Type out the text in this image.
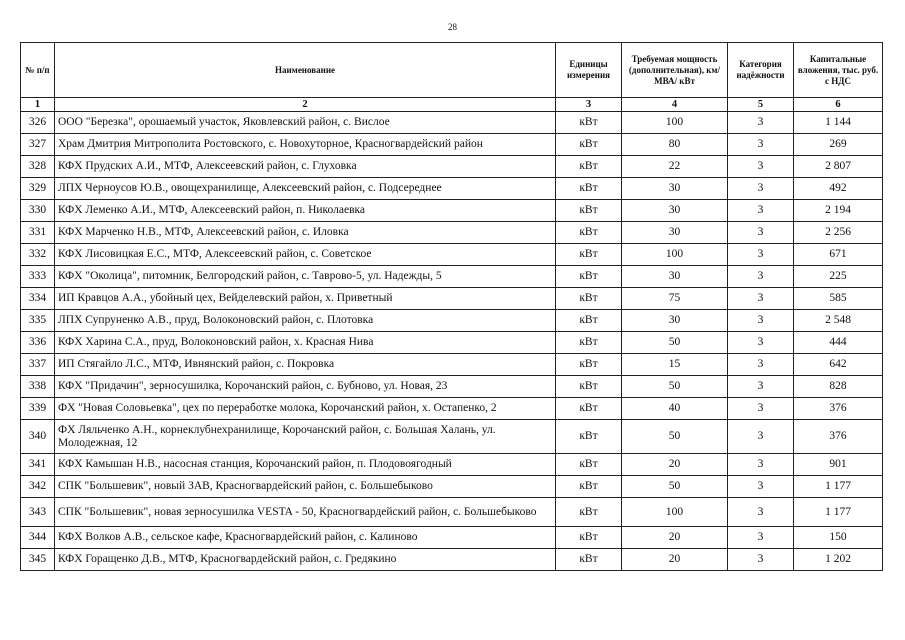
28
№ п/п	Наименование	Единицы измерения	Требуемая мощность (дополнительная), км/ МВА/ кВт	Категория надёжности	Капитальные вложения, тыс. руб. с НДС
1	2	3	4	5	6
326	ООО "Березка", орошаемый участок, Яковлевский район, с. Вислое	кВт	100	3	1 144
327	Храм Дмитрия Митрополита Ростовского, с. Новохуторное, Красногвардейский район	кВт	80	3	269
328	КФХ Прудских А.И., МТФ, Алексеевский район, с. Глуховка	кВт	22	3	2 807
329	ЛПХ Черноусов Ю.В., овощехранилище, Алексеевский район, с. Подсереднее	кВт	30	3	492
330	КФХ Леменко А.И., МТФ, Алексеевский район, п. Николаевка	кВт	30	3	2 194
331	КФХ Марченко Н.В., МТФ, Алексеевский район, с. Иловка	кВт	30	3	2 256
332	КФХ Лисовицкая Е.С., МТФ, Алексеевский район, с. Советское	кВт	100	3	671
333	КФХ "Околица", питомник, Белгородский район, с. Таврово-5, ул. Надежды, 5	кВт	30	3	225
334	ИП Кравцов А.А., убойный цех, Вейделевский район, х. Приветный	кВт	75	3	585
335	ЛПХ Супруненко А.В., пруд, Волоконовский район, с. Плотовка	кВт	30	3	2 548
336	КФХ Харина С.А., пруд, Волоконовский район, х. Красная Нива	кВт	50	3	444
337	ИП Стягайло Л.С., МТФ, Ивнянский район, с. Покровка	кВт	15	3	642
338	КФХ "Придачин", зерносушилка, Корочанский район, с. Бубново, ул. Новая, 23	кВт	50	3	828
339	ФХ "Новая Соловьевка", цех по переработке молока, Корочанский район, х. Остапенко, 2	кВт	40	3	376
340	ФХ Ляльченко А.Н., корнеклубнехранилище, Корочанский район, с. Большая Халань, ул. Молодежная, 12	кВт	50	3	376
341	КФХ Камышан Н.В., насосная станция, Корочанский район, п. Плодовоягодный	кВт	20	3	901
342	СПК "Большевик", новый ЗАВ, Красногвардейский район, с. Большебыково	кВт	50	3	1 177
343	СПК "Большевик", новая зерносушилка VESTA - 50, Красногвардейский район, с. Большебыково	кВт	100	3	1 177
344	КФХ Волков А.В., сельское кафе, Красногвардейский район, с. Калиново	кВт	20	3	150
345	КФХ Горащенко Д.В., МТФ, Красногвардейский район, с. Гредякино	кВт	20	3	1 202
